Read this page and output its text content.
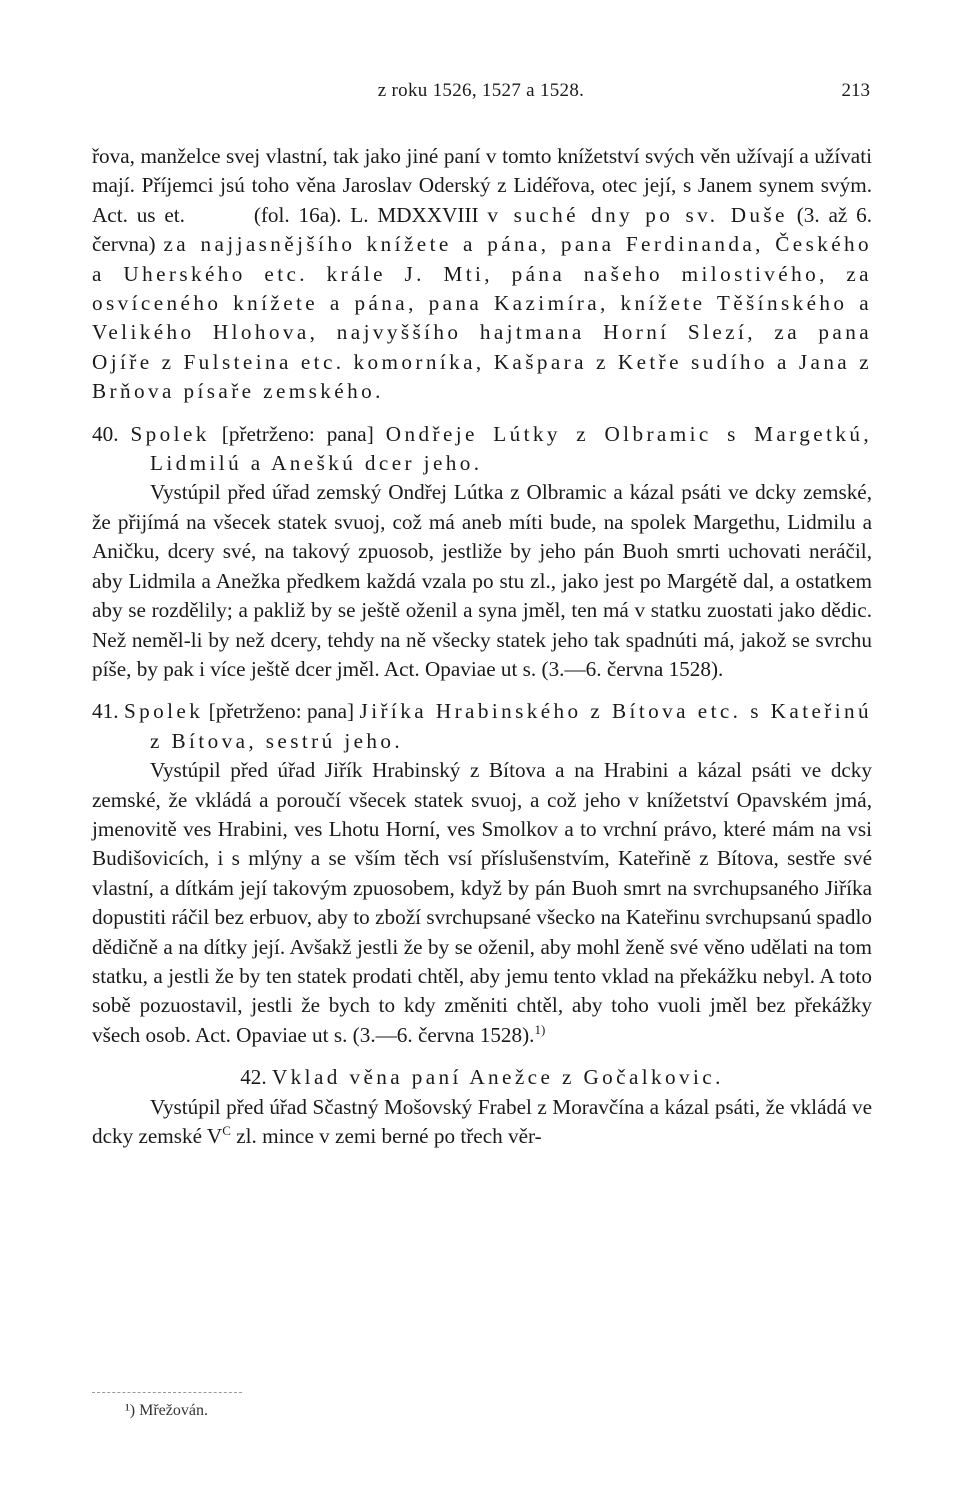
z roku 1526, 1527 a 1528.	213

řova, manželce svej vlastní, tak jako jiné paní v tomto knížetství svých věn užívají a užívati mají. Příjemci jsú toho věna Jaroslav Oderský z Lidéřova, otec její, s Janem synem svým. Act. us et.	(fol. 16a). L. MDXXVIII v suché dny po sv. Duše (3. až 6. června) za najjasnějšího knížete a pána, pana Ferdinanda, Českého a Uherského etc. krále J. Mti, pána našeho milostivého, za osvíceného knížete a pána, pana Kazimíra, knížete Těšínského a Velikého Hlohova, najvyššího hajtmana Horní Slezí, za pana Ojíře z Fulsteina etc. komorníka, Kašpara z Ketře sudího a Jana z Brňova písaře zemského.

40. Spolek [přetrženo: pana] Ondřeje Lútky z Olbramic s Margetkú, Lidmilú a Aneškú dcer jeho.

Vystúpil před úřad zemský Ondřej Lútka z Olbramic a kázal psáti ve dcky zemské, že přijímá na všecek statek svuoj, což má aneb míti bude, na spolek Margethu, Lidmilu a Aničku, dcery své, na takový zpuosob, jestliže by jeho pán Buoh smrti uchovati neráčil, aby Lidmila a Anežka předkem každá vzala po stu zl., jako jest po Margétě dal, a ostatkem aby se rozdělily; a pakliž by se ještě oženil a syna jměl, ten má v statku zuostati jako dědic. Než neměl-li by než dcery, tehdy na ně všecky statek jeho tak spadnúti má, jakož se svrchu píše, by pak i více ještě dcer jměl. Act. Opaviae ut s. (3.—6. června 1528).

41. Spolek [přetrženo: pana] Jiříka Hrabinského z Bítova etc. s Kateřinú z Bítova, sestrú jeho.

Vystúpil před úřad Jiřík Hrabinský z Bítova a na Hrabini a kázal psáti ve dcky zemské, že vkládá a poroučí všecek statek svuoj, a což jeho v knížetství Opavském jmá, jmenovitě ves Hrabini, ves Lhotu Horní, ves Smolkov a to vrchní právo, které mám na vsi Budišovicích, i s mlýny a se vším těch vsí příslušenstvím, Kateřině z Bítova, sestře své vlastní, a dítkám její takovým zpuosobem, když by pán Buoh smrt na svrchupsaného Jiříka dopustiti ráčil bez erbuov, aby to zboží svrchupsané všecko na Kateřinu svrchupsanú spadlo dědičně a na dítky její. Avšakž jestli že by se oženil, aby mohl ženě své věno udělati na tom statku, a jestli že by ten statek prodati chtěl, aby jemu tento vklad na překážku nebyl. A toto sobě pozuostavil, jestli že bych to kdy změniti chtěl, aby toho vuoli jměl bez překážky všech osob. Act. Opaviae ut s. (3.—6. června 1528).$^{1)}$

42. Vklad věna paní Anežce z Gočalkovic.

Vystúpil před úřad Sčastný Mošovský Frabel z Moravčína a kázal psáti, že vkládá ve dcky zemské $V^C$ zl. mince v zemi berné po třech věr-

¹) Mřežován.
